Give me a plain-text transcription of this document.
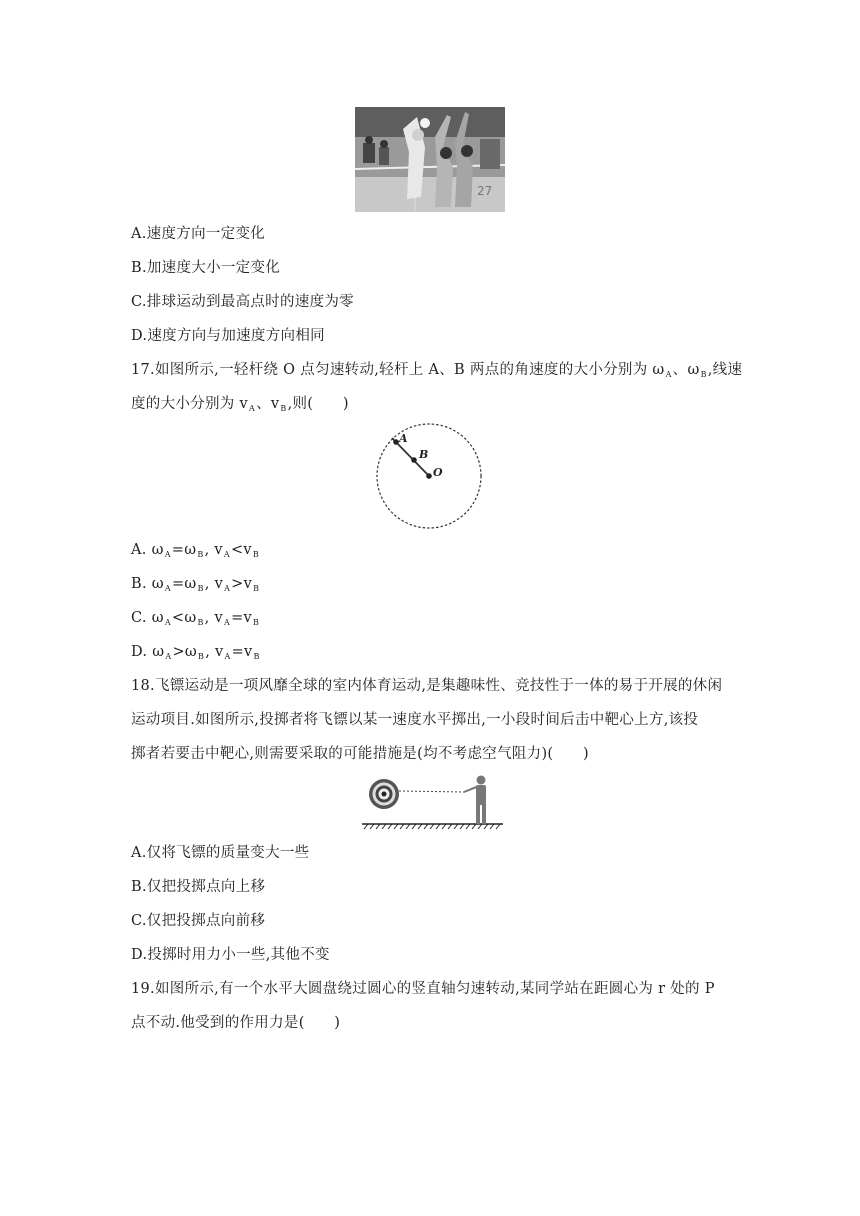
27
A.速度方向一定变化
B.加速度大小一定变化
C.排球运动到最高点时的速度为零
D.速度方向与加速度方向相同
17.如图所示,一轻杆绕 O 点匀速转动,轻杆上 A、B 两点的角速度的大小分别为 $\omega_A$、$\omega_B$,线速
度的大小分别为 $v_A$、$v_B$,则(　　)
A
B
O
A. $\omega_A=\omega_B$, $v_A<v_B$
B. $\omega_A=\omega_B$, $v_A>v_B$
C. $\omega_A<\omega_B$, $v_A=v_B$
D. $\omega_A>\omega_B$, $v_A=v_B$
18.飞镖运动是一项风靡全球的室内体育运动,是集趣味性、竞技性于一体的易于开展的休闲
运动项目.如图所示,投掷者将飞镖以某一速度水平掷出,一小段时间后击中靶心上方,该投
掷者若要击中靶心,则需要采取的可能措施是(均不考虑空气阻力)(　　)
A.仅将飞镖的质量变大一些
B.仅把投掷点向上移
C.仅把投掷点向前移
D.投掷时用力小一些,其他不变
19.如图所示,有一个水平大圆盘绕过圆心的竖直轴匀速转动,某同学站在距圆心为 r 处的 P
点不动.他受到的作用力是(　　)
